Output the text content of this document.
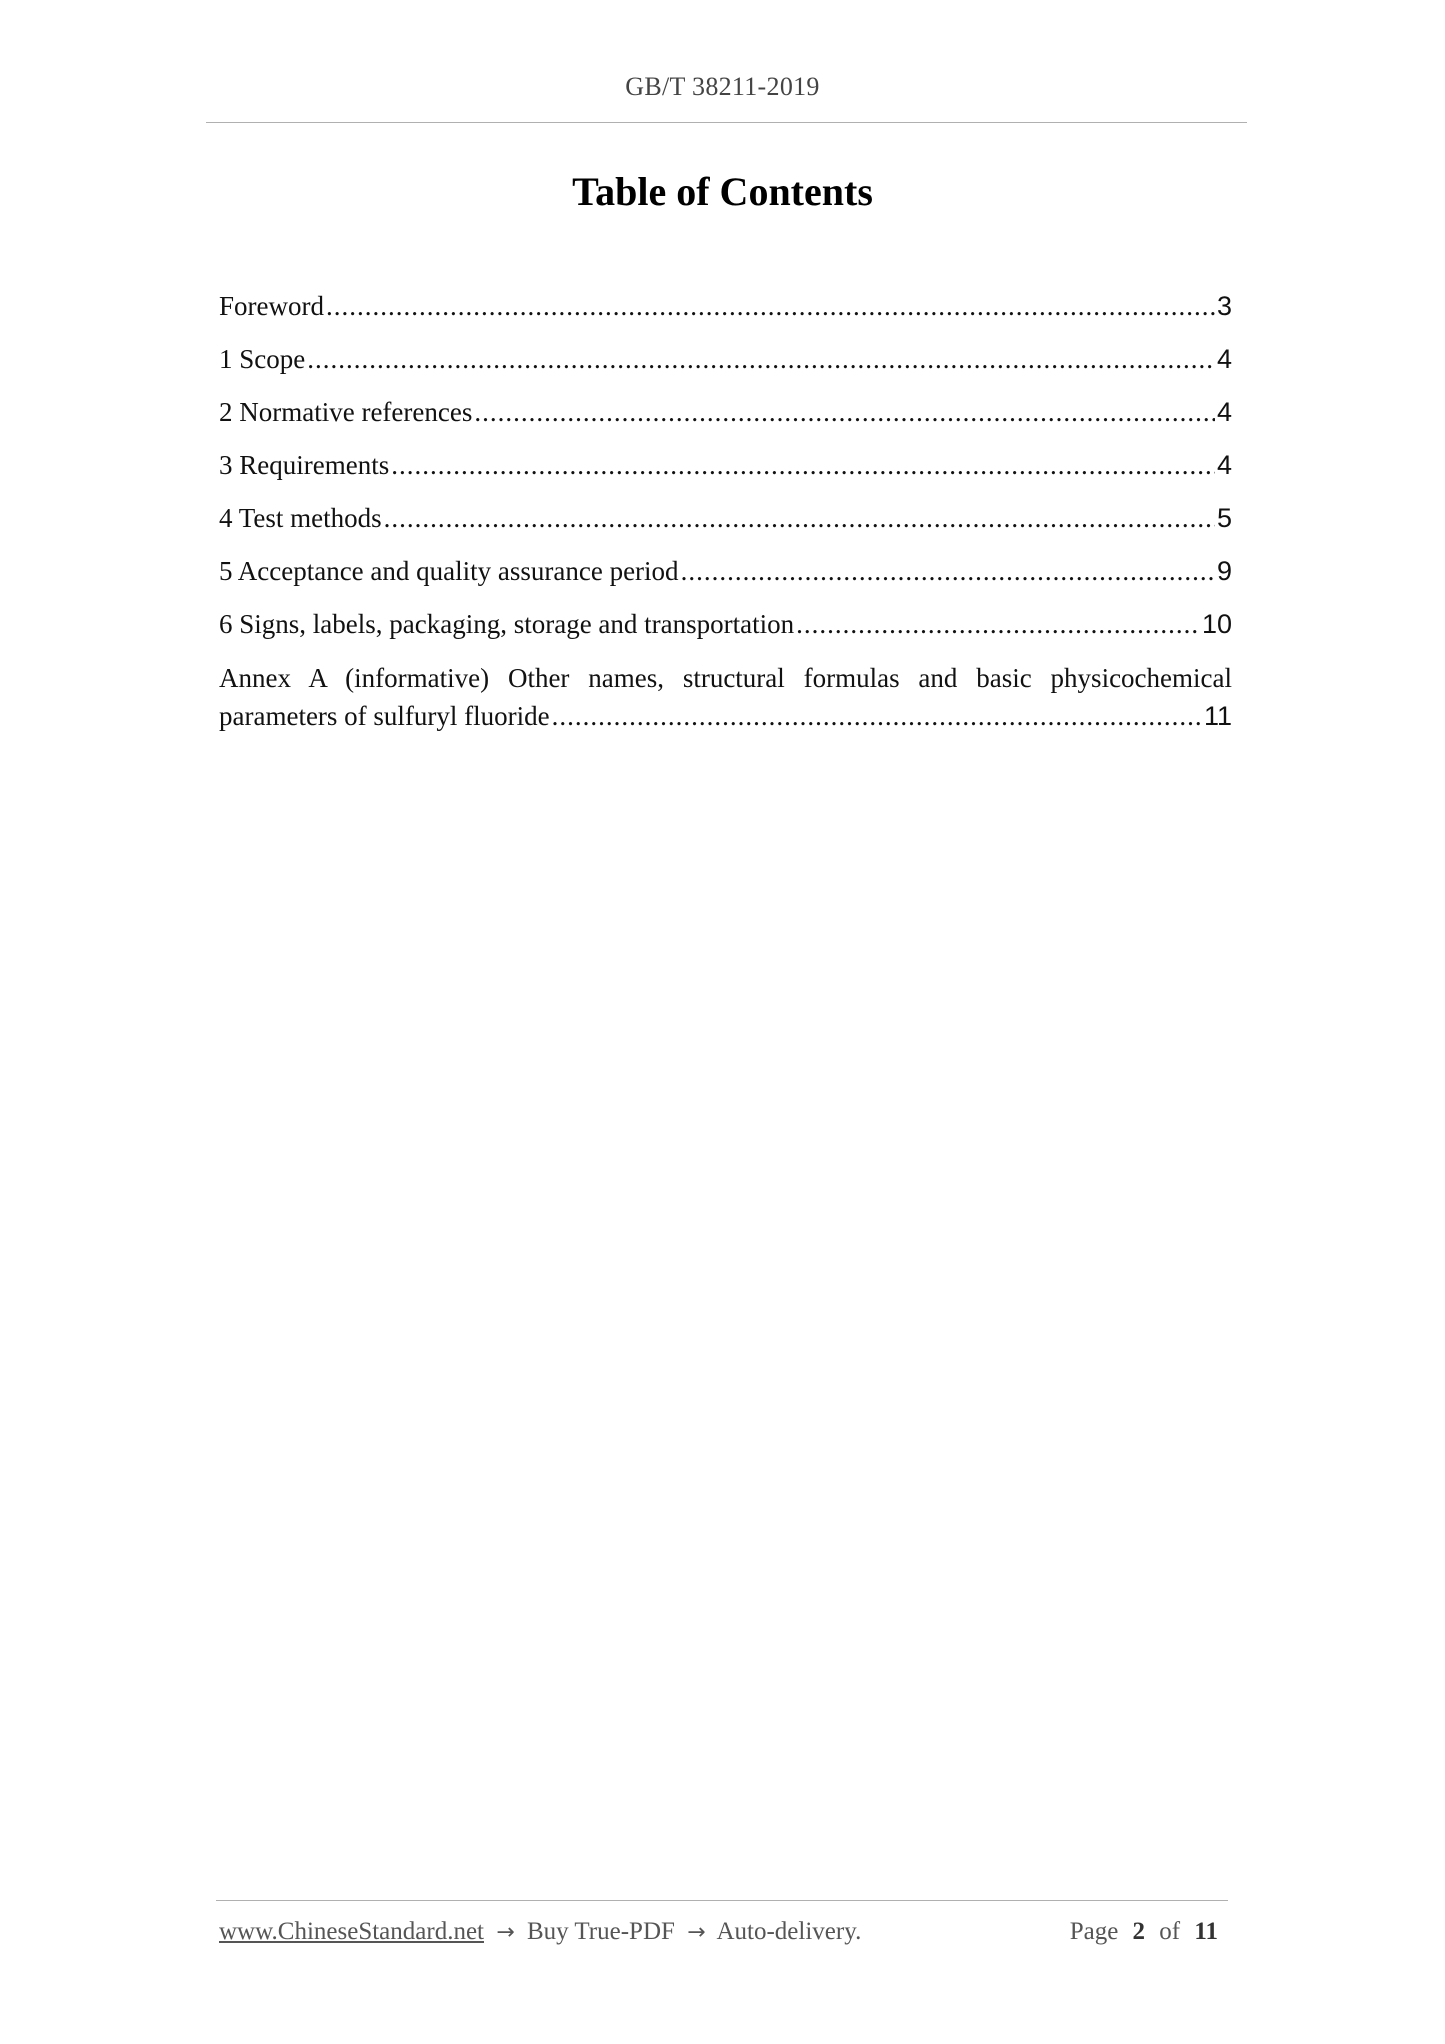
GB/T 38211-2019
Table of Contents
Foreword .....	3
1 Scope .....	4
2 Normative references .....	4
3 Requirements .....	4
4 Test methods .....	5
5 Acceptance and quality assurance period .....	9
6 Signs, labels, packaging, storage and transportation .....	10
Annex A (informative) Other names, structural formulas and basic physicochemical
parameters of sulfuryl fluoride .....	11
www.ChineseStandard.net → Buy True-PDF → Auto-delivery.	Page 2 of 11
